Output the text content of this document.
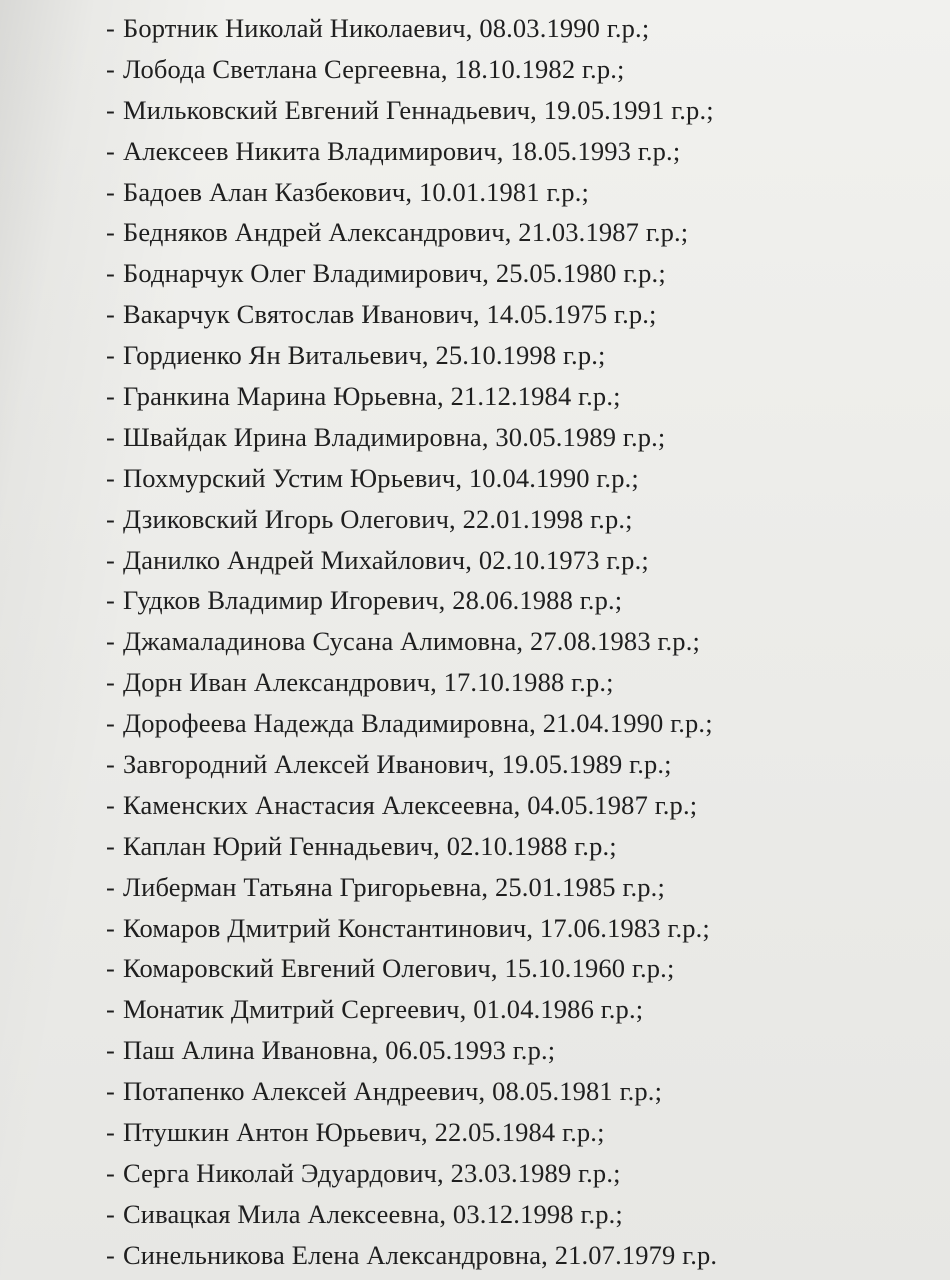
- Бортник Николай Николаевич, 08.03.1990 г.р.;
- Лобода Светлана Сергеевна, 18.10.1982 г.р.;
- Мильковский Евгений Геннадьевич, 19.05.1991 г.р.;
- Алексеев Никита Владимирович, 18.05.1993 г.р.;
- Бадоев Алан Казбекович, 10.01.1981 г.р.;
- Бедняков Андрей Александрович, 21.03.1987 г.р.;
- Боднарчук Олег Владимирович, 25.05.1980 г.р.;
- Вакарчук Святослав Иванович, 14.05.1975 г.р.;
- Гордиенко Ян Витальевич, 25.10.1998 г.р.;
- Гранкина Марина Юрьевна, 21.12.1984 г.р.;
- Швайдак Ирина Владимировна, 30.05.1989 г.р.;
- Похмурский Устим Юрьевич, 10.04.1990 г.р.;
- Дзиковский Игорь Олегович, 22.01.1998 г.р.;
- Данилко Андрей Михайлович, 02.10.1973 г.р.;
- Гудков Владимир Игоревич, 28.06.1988 г.р.;
- Джамаладинова Сусана Алимовна, 27.08.1983 г.р.;
- Дорн Иван Александрович, 17.10.1988 г.р.;
- Дорофеева Надежда Владимировна, 21.04.1990 г.р.;
- Завгородний Алексей Иванович, 19.05.1989 г.р.;
- Каменских Анастасия Алексеевна, 04.05.1987 г.р.;
- Каплан Юрий Геннадьевич, 02.10.1988 г.р.;
- Либерман Татьяна Григорьевна, 25.01.1985 г.р.;
- Комаров Дмитрий Константинович, 17.06.1983 г.р.;
- Комаровский Евгений Олегович, 15.10.1960 г.р.;
- Монатик Дмитрий Сергеевич, 01.04.1986 г.р.;
- Паш Алина Ивановна, 06.05.1993 г.р.;
- Потапенко Алексей Андреевич, 08.05.1981 г.р.;
- Птушкин Антон Юрьевич, 22.05.1984 г.р.;
- Серга Николай Эдуардович, 23.03.1989 г.р.;
- Сивацкая Мила Алексеевна, 03.12.1998 г.р.;
- Синельникова Елена Александровна, 21.07.1979 г.р.
